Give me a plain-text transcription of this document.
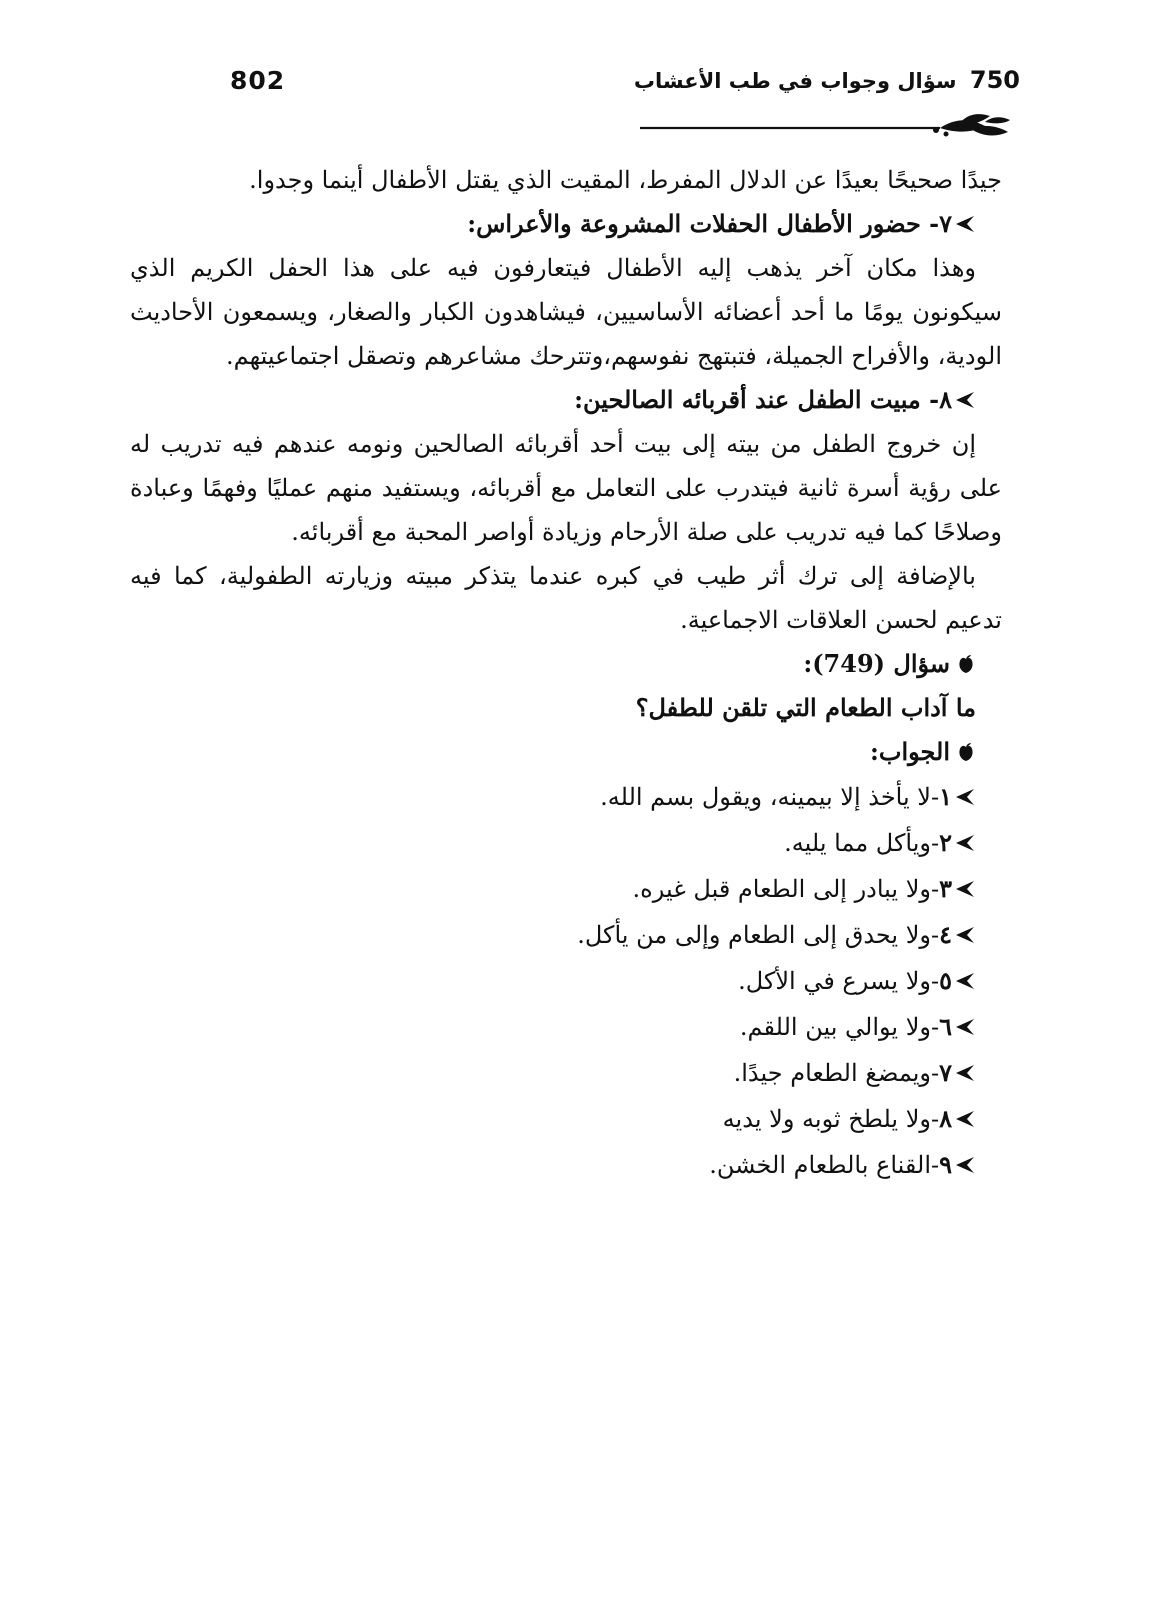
802	750 سؤال وجواب في طب الأعشاب

جيدًا صحيحًا بعيدًا عن الدلال المفرط، المقيت الذي يقتل الأطفال أينما وجدوا.

٧- حضور الأطفال الحفلات المشروعة والأعراس:

وهذا مكان آخر يذهب إليه الأطفال فيتعارفون فيه على هذا الحفل الكريم الذي سيكونون يومًا ما أحد أعضائه الأساسيين، فيشاهدون الكبار والصغار، ويسمعون الأحاديث الودية، والأفراح الجميلة، فتبتهج نفوسهم،وتترحك مشاعرهم وتصقل اجتماعيتهم.

٨- مبيت الطفل عند أقربائه الصالحين:

إن خروج الطفل من بيته إلى بيت أحد أقربائه الصالحين ونومه عندهم فيه تدريب له على رؤية أسرة ثانية فيتدرب على التعامل مع أقربائه، ويستفيد منهم عمليًا وفهمًا وعبادة وصلاحًا كما فيه تدريب على صلة الأرحام وزيادة أواصر المحبة مع أقربائه.

بالإضافة إلى ترك أثر طيب في كبره عندما يتذكر مبيته وزيارته الطفولية، كما فيه تدعيم لحسن العلاقات الاجماعية.

سؤال (749):

ما آداب الطعام التي تلقن للطفل؟

الجواب:

١-لا يأخذ إلا بيمينه، ويقول بسم الله.
٢-ويأكل مما يليه.
٣-ولا يبادر إلى الطعام قبل غيره.
٤-ولا يحدق إلى الطعام وإلى من يأكل.
٥-ولا يسرع في الأكل.
٦-ولا يوالي بين اللقم.
٧-ويمضغ الطعام جيدًا.
٨-ولا يلطخ ثوبه ولا يديه
٩-القناع بالطعام الخشن.
